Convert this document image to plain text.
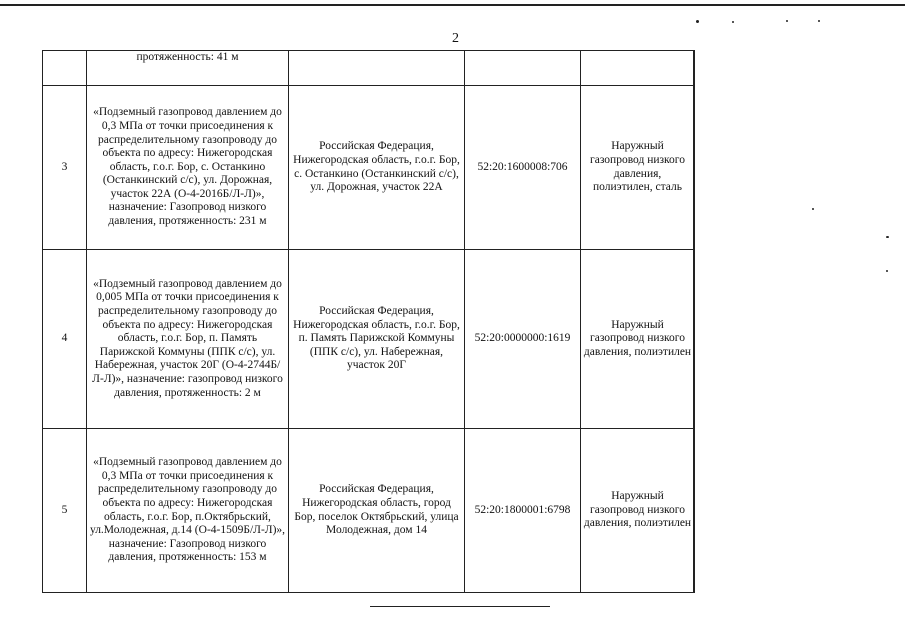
2
	протяженность: 41 м			
3	«Подземный газопровод давлением до 0,3 МПа от точки присоединения к распределительному газопроводу до объекта по адресу: Нижегородская область, г.о.г. Бор, с. Останкино (Останкинский с/с), ул. Дорожная, участок 22А (О-4-2016Б/Л-Л)», назначение: Газопровод низкого давления, протяженность: 231 м	Российская Федерация, Нижегородская область, г.о.г. Бор, с. Останкино (Останкинский с/с), ул. Дорожная, участок 22А	52:20:1600008:706	Наружный газопровод низкого давления, полиэтилен, сталь
4	«Подземный газопровод давлением до 0,005 МПа от точки присоединения к распределительному газопроводу до объекта по адресу: Нижегородская область, г.о.г. Бор, п. Память Парижской Коммуны (ППК с/с), ул. Набережная, участок 20Г (О-4-2744Б/Л-Л)», назначение: газопровод низкого давления, протяженность: 2 м	Российская Федерация, Нижегородская область, г.о.г. Бор, п. Память Парижской Коммуны (ППК с/с), ул. Набережная, участок 20Г	52:20:0000000:1619	Наружный газопровод низкого давления, полиэтилен
5	«Подземный газопровод давлением до 0,3 МПа от точки присоединения к распределительному газопроводу до объекта по адресу: Нижегородская область, г.о.г. Бор, п.Октябрьский, ул.Молодежная, д.14 (О-4-1509Б/Л-Л)», назначение: Газопровод низкого давления, протяженность: 153 м	Российская Федерация, Нижегородская область, город Бор, поселок Октябрьский, улица Молодежная, дом 14	52:20:1800001:6798	Наружный газопровод низкого давления, полиэтилен
